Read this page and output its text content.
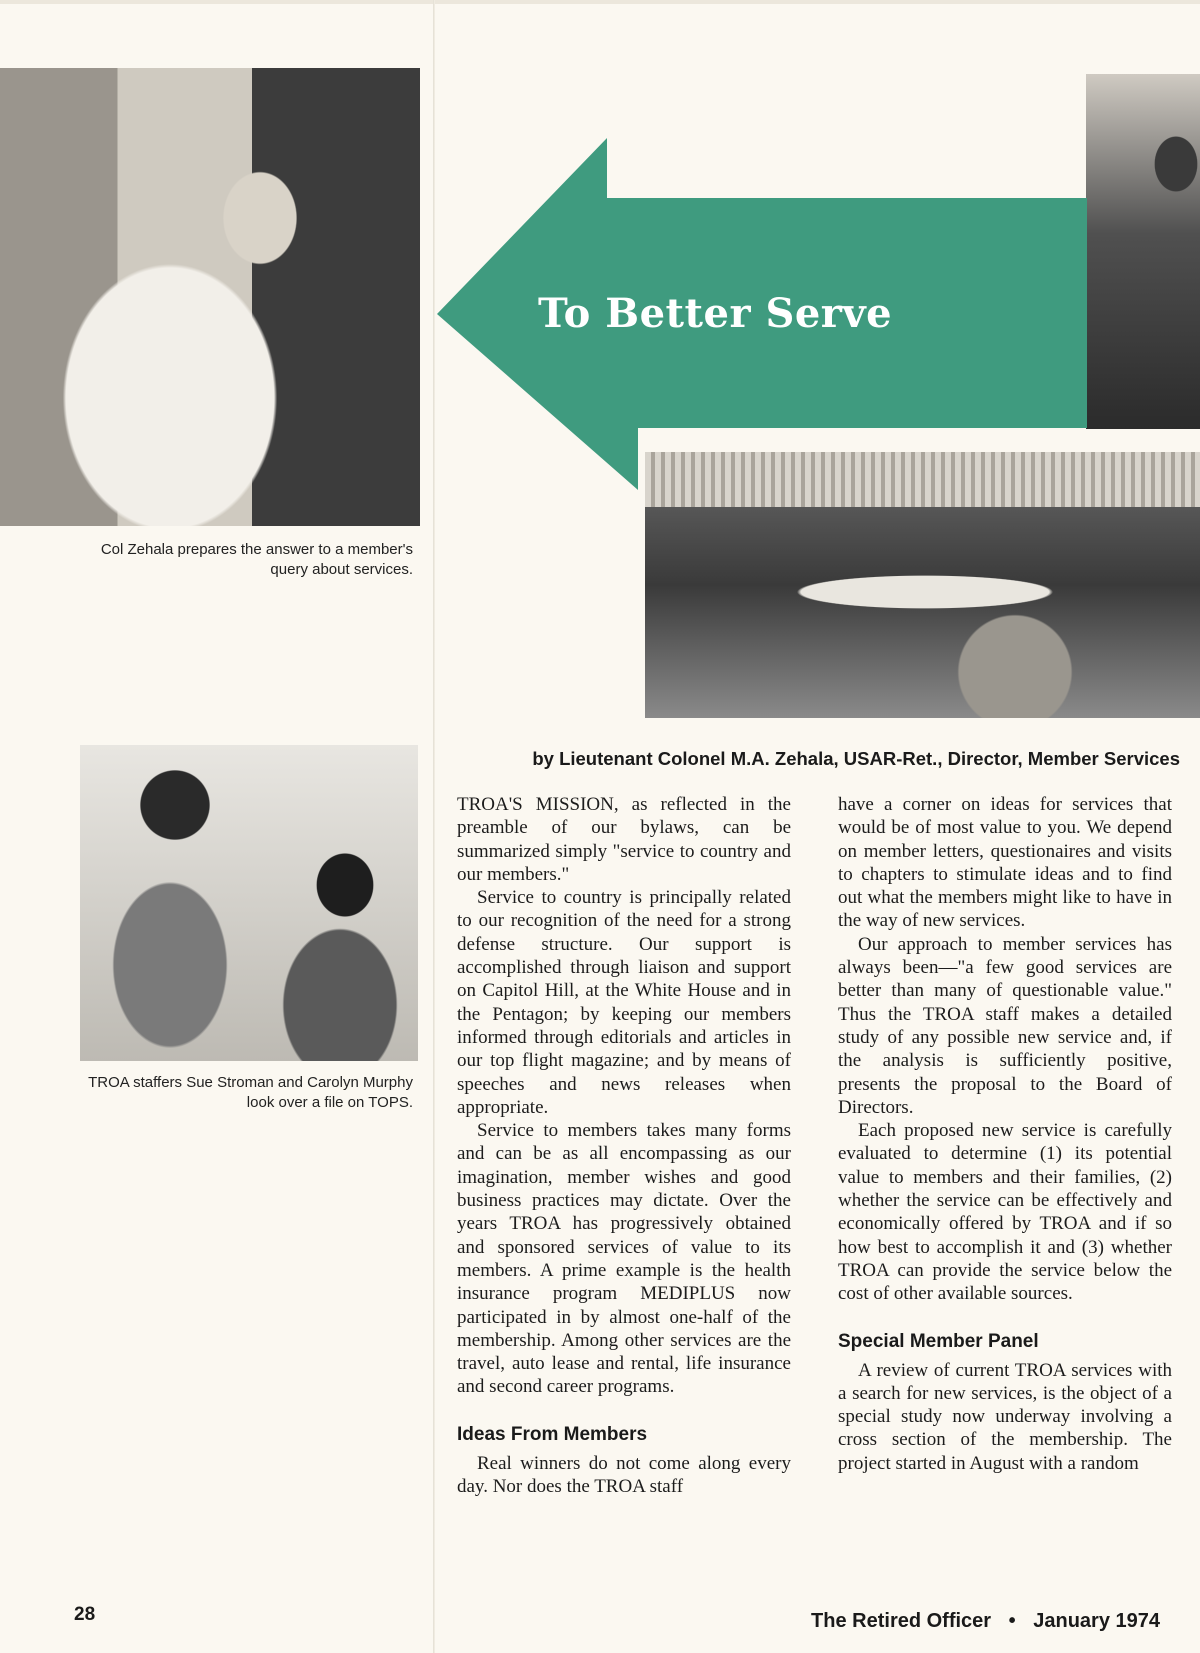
Col Zehala prepares the answer to a member's query about services.
TROA staffers Sue Stroman and Carolyn Murphy look over a file on TOPS.
To Better Serve
by Lieutenant Colonel M.A. Zehala, USAR-Ret., Director, Member Services

TROA'S MISSION, as reflected in the preamble of our bylaws, can be summarized simply "service to country and our members."

Service to country is principally related to our recognition of the need for a strong defense structure. Our support is accomplished through liaison and support on Capitol Hill, at the White House and in the Pentagon; by keeping our members informed through editorials and articles in our top flight magazine; and by means of speeches and news releases when appropriate.

Service to members takes many forms and can be as all encompassing as our imagination, member wishes and good business practices may dictate. Over the years TROA has progressively obtained and sponsored services of value to its members. A prime example is the health insurance program MEDIPLUS now participated in by almost one-half of the membership. Among other services are the travel, auto lease and rental, life insurance and second career programs.

Ideas From Members

Real winners do not come along every day. Nor does the TROA staff

have a corner on ideas for services that would be of most value to you. We depend on member letters, questionaires and visits to chapters to stimulate ideas and to find out what the members might like to have in the way of new services.

Our approach to member services has always been—"a few good services are better than many of questionable value." Thus the TROA staff makes a detailed study of any possible new service and, if the analysis is sufficiently positive, presents the proposal to the Board of Directors.

Each proposed new service is carefully evaluated to determine (1) its potential value to members and their families, (2) whether the service can be effectively and economically offered by TROA and if so how best to accomplish it and (3) whether TROA can provide the service below the cost of other available sources.

Special Member Panel

A review of current TROA services with a search for new services, is the object of a special study now underway involving a cross section of the membership. The project started in August with a random

28	The Retired Officer • January 1974
